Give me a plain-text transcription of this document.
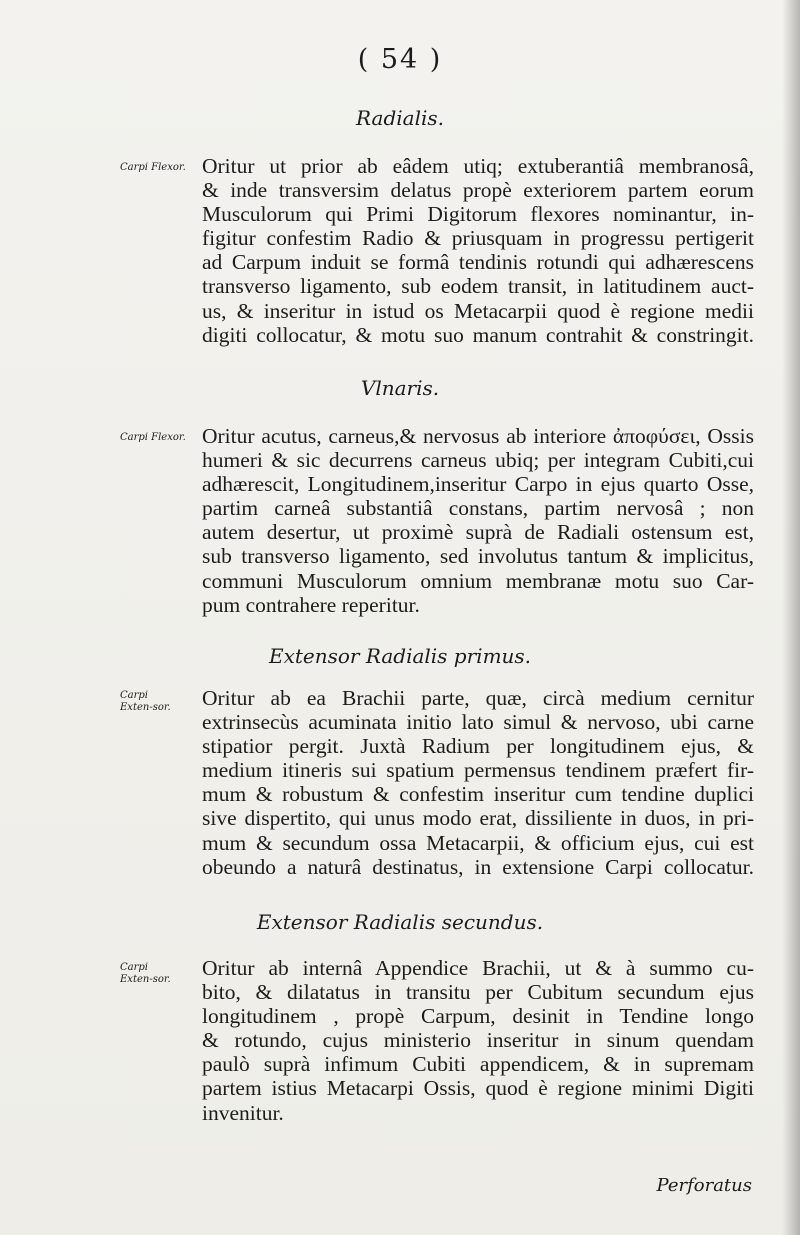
( 54 )
Radialis.
Carpi Flexor. Oritur ut prior ab eâdem utiq; extuberantiâ membranosâ,
& inde transversim delatus propè exteriorem partem eorum
Musculorum qui Primi Digitorum flexores nominantur, in-
figitur confestim Radio & priusquam in progressu pertigerit
ad Carpum induit se formâ tendinis rotundi qui adhærescens
transverso ligamento, sub eodem transit, in latitudinem auct-
us, & inseritur in istud os Metacarpii quod è regione medii
digiti collocatur, & motu suo manum contrahit & constringit.
Vlnaris.
Carpi Flexor. Oritur acutus, carneus,& nervosus ab interiore ἀποφύσει, Ossis
humeri & sic decurrens carneus ubiq; per integram Cubiti,cui
adhærescit, Longitudinem,inseritur Carpo in ejus quarto Osse,
partim carneâ substantiâ constans, partim nervosâ ; non
autem desertur, ut proximè suprà de Radiali ostensum est,
sub transverso ligamento, sed involutus tantum & implicitus,
communi Musculorum omnium membranæ motu suo Car-
pum contrahere reperitur.
Extensor Radialis primus.
Carpi Exten-sor.	Oritur ab ea Brachii parte, quæ, circà medium cernitur
extrinsecùs acuminata initio lato simul & nervoso, ubi carne
stipatior pergit. Juxtà Radium per longitudinem ejus, &
medium itineris sui spatium permensus tendinem præfert fir-
mum & robustum & confestim inseritur cum tendine duplici
sive dispertito, qui unus modo erat, dissiliente in duos, in pri-
mum & secundum ossa Metacarpii, & officium ejus, cui est
obeundo a naturâ destinatus, in extensione Carpi collocatur.
Extensor Radialis secundus.
Carpi Exten-sor.	Oritur ab internâ Appendice Brachii, ut & à summo cu-
bito, & dilatatus in transitu per Cubitum secundum ejus
longitudinem , propè Carpum, desinit in Tendine longo
& rotundo, cujus ministerio inseritur in sinum quendam
paulò suprà infimum Cubiti appendicem, & in supremam
partem istius Metacarpi Ossis, quod è regione minimi Digiti
invenitur.
Perforatus
